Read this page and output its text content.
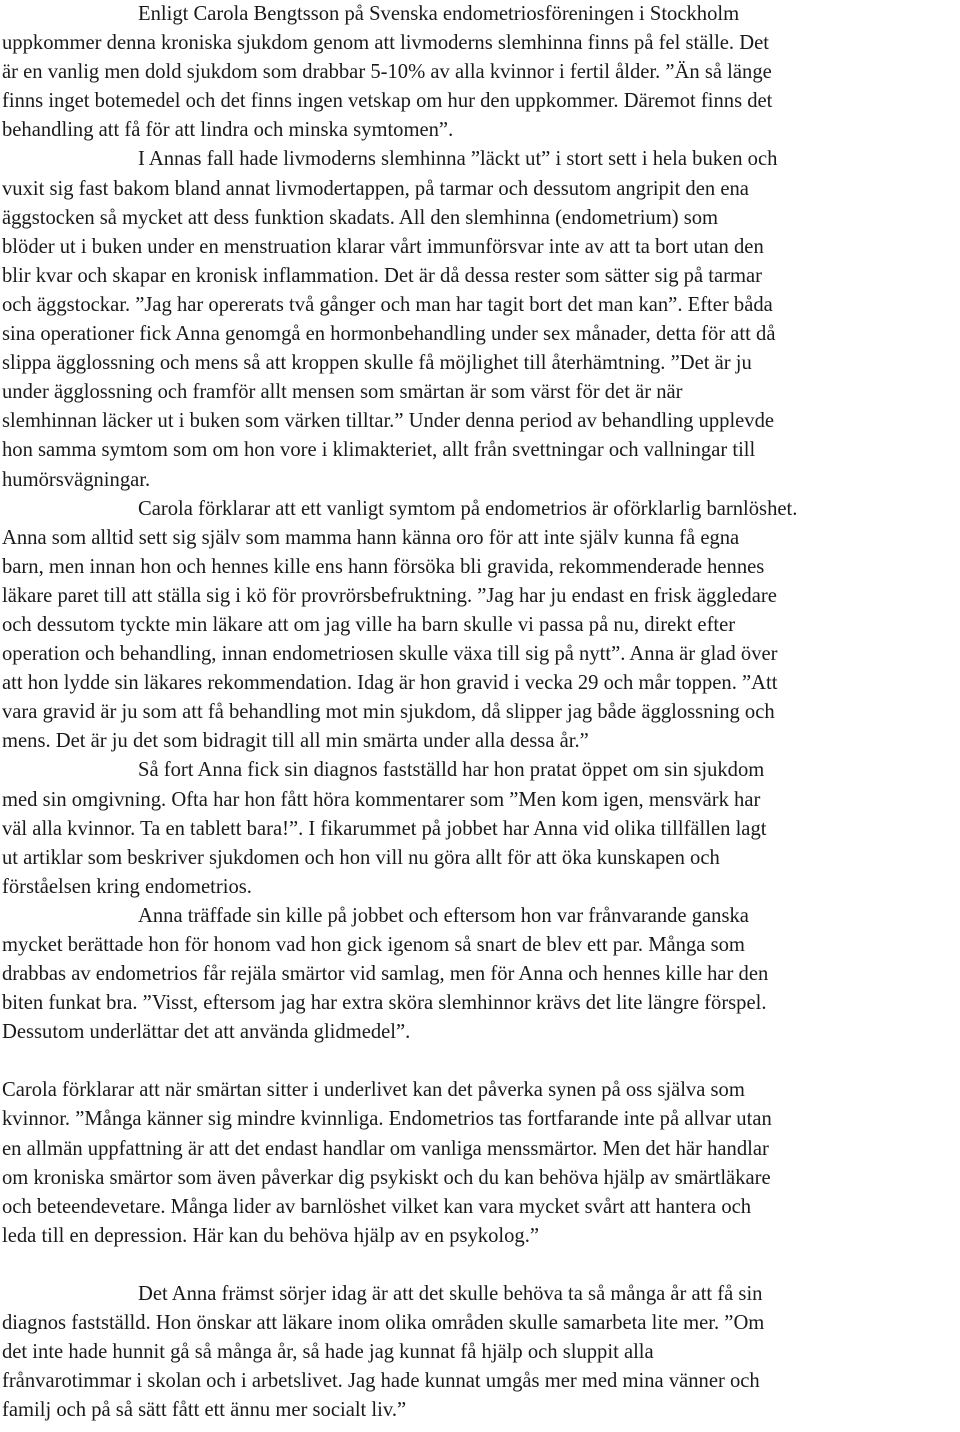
Enligt Carola Bengtsson på Svenska endometriosföreningen i Stockholm
uppkommer denna kroniska sjukdom genom att livmoderns slemhinna finns på fel ställe. Det
är en vanlig men dold sjukdom som drabbar 5-10% av alla kvinnor i fertil ålder. ”Än så länge
finns inget botemedel och det finns ingen vetskap om hur den uppkommer. Däremot finns det
behandling att få för att lindra och minska symtomen”.

I Annas fall hade livmoderns slemhinna ”läckt ut” i stort sett i hela buken och
vuxit sig fast bakom bland annat livmodertappen, på tarmar och dessutom angripit den ena
äggstocken så mycket att dess funktion skadats. All den slemhinna (endometrium) som
blöder ut i buken under en menstruation klarar vårt immunförsvar inte av att ta bort utan den
blir kvar och skapar en kronisk inflammation. Det är då dessa rester som sätter sig på tarmar
och äggstockar. ”Jag har opererats två gånger och man har tagit bort det man kan”. Efter båda
sina operationer fick Anna genomgå en hormonbehandling under sex månader, detta för att då
slippa ägglossning och mens så att kroppen skulle få möjlighet till återhämtning. ”Det är ju
under ägglossning och framför allt mensen som smärtan är som värst för det är när
slemhinnan läcker ut i buken som värken tilltar.” Under denna period av behandling upplevde
hon samma symtom som om hon vore i klimakteriet, allt från svettningar och vallningar till
humörsvägningar.

Carola förklarar att ett vanligt symtom på endometrios är oförklarlig barnlöshet.
Anna som alltid sett sig själv som mamma hann känna oro för att inte själv kunna få egna
barn, men innan hon och hennes kille ens hann försöka bli gravida, rekommenderade hennes
läkare paret till att ställa sig i kö för provrörsbefruktning. ”Jag har ju endast en frisk äggledare
och dessutom tyckte min läkare att om jag ville ha barn skulle vi passa på nu, direkt efter
operation och behandling, innan endometriosen skulle växa till sig på nytt”. Anna är glad över
att hon lydde sin läkares rekommendation. Idag är hon gravid i vecka 29 och mår toppen. ”Att
vara gravid är ju som att få behandling mot min sjukdom, då slipper jag både ägglossning och
mens. Det är ju det som bidragit till all min smärta under alla dessa år.”

Så fort Anna fick sin diagnos fastställd har hon pratat öppet om sin sjukdom
med sin omgivning. Ofta har hon fått höra kommentarer som ”Men kom igen, mensvärk har
väl alla kvinnor. Ta en tablett bara!”. I fikarummet på jobbet har Anna vid olika tillfällen lagt
ut artiklar som beskriver sjukdomen och hon vill nu göra allt för att öka kunskapen och
förståelsen kring endometrios.

Anna träffade sin kille på jobbet och eftersom hon var frånvarande ganska
mycket berättade hon för honom vad hon gick igenom så snart de blev ett par. Många som
drabbas av endometrios får rejäla smärtor vid samlag, men för Anna och hennes kille har den
biten funkat bra. ”Visst, eftersom jag har extra sköra slemhinnor krävs det lite längre förspel.
Dessutom underlättar det att använda glidmedel”.

Carola förklarar att när smärtan sitter i underlivet kan det påverka synen på oss själva som
kvinnor. ”Många känner sig mindre kvinnliga. Endometrios tas fortfarande inte på allvar utan
en allmän uppfattning är att det endast handlar om vanliga menssmärtor. Men det här handlar
om kroniska smärtor som även påverkar dig psykiskt och du kan behöva hjälp av smärtläkare
och beteendevetare. Många lider av barnlöshet vilket kan vara mycket svårt att hantera och
leda till en depression. Här kan du behöva hjälp av en psykolog.”

Det Anna främst sörjer idag är att det skulle behöva ta så många år att få sin
diagnos fastställd. Hon önskar att läkare inom olika områden skulle samarbeta lite mer. ”Om
det inte hade hunnit gå så många år, så hade jag kunnat få hjälp och sluppit alla
frånvarotimmar i skolan och i arbetslivet. Jag hade kunnat umgås mer med mina vänner och
familj och på så sätt fått ett ännu mer socialt liv.”
